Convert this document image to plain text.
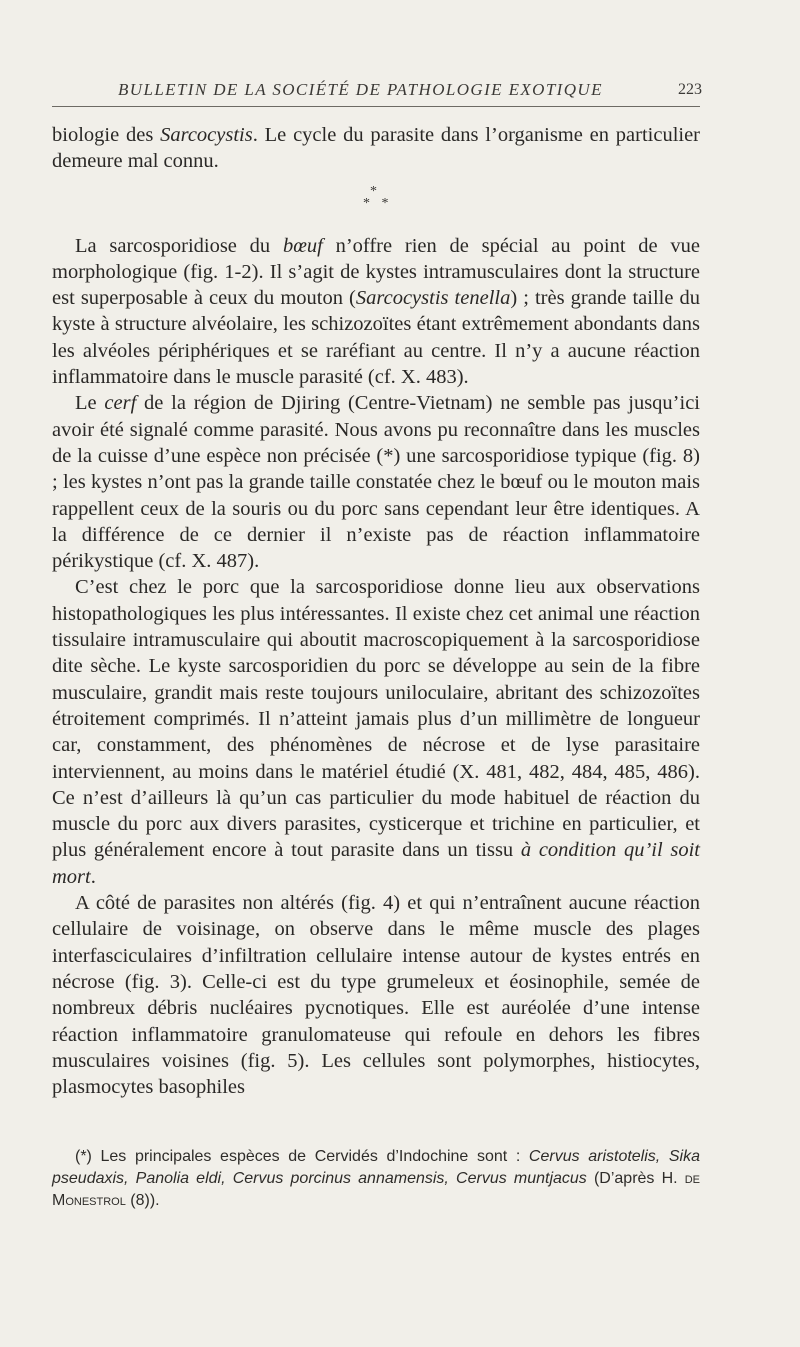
BULLETIN DE LA SOCIÉTÉ DE PATHOLOGIE EXOTIQUE	223

biologie des Sarcocystis. Le cycle du parasite dans l’organisme en particulier demeure mal connu.

*
* *

La sarcosporidiose du bœuf n’offre rien de spécial au point de vue morphologique (fig. 1-2). Il s’agit de kystes intramusculaires dont la structure est superposable à ceux du mouton (Sarcocystis tenella) ; très grande taille du kyste à structure alvéolaire, les schizozoïtes étant extrêmement abondants dans les alvéoles périphériques et se raréfiant au centre. Il n’y a aucune réaction inflammatoire dans le muscle parasité (cf. X. 483).

Le cerf de la région de Djiring (Centre-Vietnam) ne semble pas jusqu’ici avoir été signalé comme parasité. Nous avons pu reconnaître dans les muscles de la cuisse d’une espèce non précisée (*) une sarcosporidiose typique (fig. 8) ; les kystes n’ont pas la grande taille constatée chez le bœuf ou le mouton mais rappellent ceux de la souris ou du porc sans cependant leur être identiques. A la différence de ce dernier il n’existe pas de réaction inflammatoire périkystique (cf. X. 487).

C’est chez le porc que la sarcosporidiose donne lieu aux observations histopathologiques les plus intéressantes. Il existe chez cet animal une réaction tissulaire intramusculaire qui aboutit macroscopiquement à la sarcosporidiose dite sèche. Le kyste sarcosporidien du porc se développe au sein de la fibre musculaire, grandit mais reste toujours uniloculaire, abritant des schizozoïtes étroitement comprimés. Il n’atteint jamais plus d’un millimètre de longueur car, constamment, des phénomènes de nécrose et de lyse parasitaire interviennent, au moins dans le matériel étudié (X. 481, 482, 484, 485, 486). Ce n’est d’ailleurs là qu’un cas particulier du mode habituel de réaction du muscle du porc aux divers parasites, cysticerque et trichine en particulier, et plus généralement encore à tout parasite dans un tissu à condition qu’il soit mort.

A côté de parasites non altérés (fig. 4) et qui n’entraînent aucune réaction cellulaire de voisinage, on observe dans le même muscle des plages interfasciculaires d’infiltration cellulaire intense autour de kystes entrés en nécrose (fig. 3). Celle-ci est du type grumeleux et éosinophile, semée de nombreux débris nucléaires pycnotiques. Elle est auréolée d’une intense réaction inflammatoire granulomateuse qui refoule en dehors les fibres musculaires voisines (fig. 5). Les cellules sont polymorphes, histiocytes, plasmocytes basophiles

(*) Les principales espèces de Cervidés d’Indochine sont : Cervus aristotelis, Sika pseudaxis, Panolia eldi, Cervus porcinus annamensis, Cervus muntjacus (D’après H. de Monestrol (8)).
